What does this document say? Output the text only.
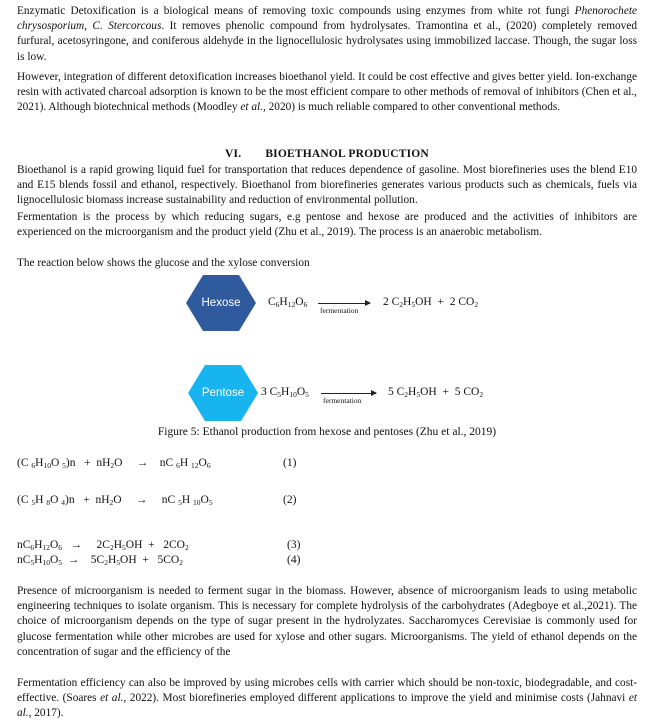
Enzymatic Detoxification is a biological means of removing toxic compounds using enzymes from white rot fungi Phenorochete chrysosporium, C. Stercorcous. It removes phenolic compound from hydrolysates. Tramontina et al., (2020) completely removed furfural, acetosyringone, and coniferous aldehyde in the lignocellulosic hydrolysates using immobilized laccase. Though, the sugar loss is low.
However, integration of different detoxification increases bioethanol yield. It could be cost effective and gives better yield. Ion-exchange resin with activated charcoal adsorption is known to be the most efficient compare to other methods of removal of inhibitors (Chen et al., 2021). Although biotechnical methods (Moodley et al., 2020) is much reliable compared to other conventional methods.
VI. BIOETHANOL PRODUCTION
Bioethanol is a rapid growing liquid fuel for transportation that reduces dependence of gasoline. Most biorefineries uses the blend E10 and E15 blends fossil and ethanol, respectively. Bioethanol from biorefineries generates various products such as chemicals, fuels via lignocellulosic biomass increase sustainability and reduction of environmental pollution.
Fermentation is the process by which reducing sugars, e.g pentose and hexose are produced and the activities of inhibitors are experienced on the microorganism and the product yield (Zhu et al., 2019). The process is an anaerobic metabolism.
The reaction below shows the glucose and the xylose conversion
Hexose	$C_6H_{12}O_6$
fermentation
2 $C_2H_5OH + 2$ $CO_2$
Pentose	3 $C_5H_{10}O_5$
fermentation
5 $C_2H_5OH + 5$ $CO_2$
Figure 5: Ethanol production from hexose and pentoses (Zhu et al., 2019)
(C $_6H_{10}O$ $_5)n + nH_2O$     →    nC $_6$H $_{12}O_6$	(1)
(C $_5$H $_8$O $_4)n + nH_2O$     →     nC $_5$H $_{10}O_5$	(2)
$nC_6H_{12}O_6$   →     $2C_2H_5OH + 2CO_2$	(3)
$nC_5H_{10}O_5$  →    $5C_2H_5OH + 5CO_2$	(4)
Presence of microorganism is needed to ferment sugar in the biomass. However, absence of microorganism leads to using metabolic engineering techniques to isolate organism. This is necessary for complete hydrolysis of the carbohydrates (Adegboye et al.,2021). The choice of microorganism depends on the type of sugar present in the hydrolyzates. Saccharomyces Cerevisiae is commonly used for glucose fermentation while other microbes are used for xylose and other sugars. Microorganisms. The yield of ethanol depends on the concentration of sugar and the efficiency of the
Fermentation efficiency can also be improved by using microbes cells with carrier which should be non-toxic, biodegradable, and cost-effective. (Soares et al., 2022). Most biorefineries employed different applications to improve the yield and minimise costs (Jahnavi et al., 2017).
